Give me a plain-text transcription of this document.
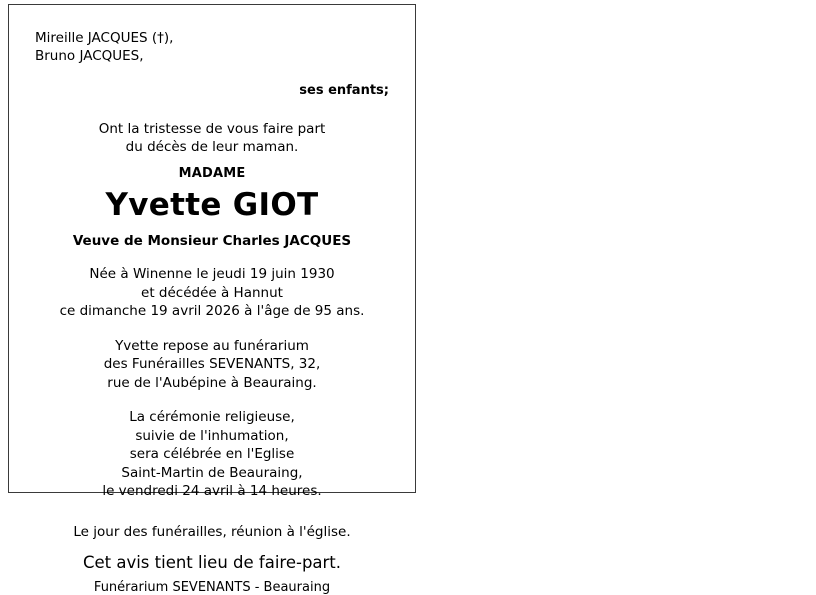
Mireille JACQUES (†),
Bruno JACQUES,
ses enfants;
Ont la tristesse de vous faire part
du décès de leur maman.
MADAME
Yvette GIOT
Veuve de Monsieur Charles JACQUES
Née à Winenne le jeudi 19 juin 1930
et décédée à Hannut
ce dimanche 19 avril 2026 à l'âge de 95 ans.
Yvette repose au funérarium
des Funérailles SEVENANTS, 32,
rue de l'Aubépine à Beauraing.
La cérémonie religieuse,
suivie de l'inhumation,
sera célébrée en l'Eglise
Saint-Martin de Beauraing,
le vendredi 24 avril à 14 heures.
Le jour des funérailles, réunion à l'église.
Cet avis tient lieu de faire-part.
Funérarium SEVENANTS - Beauraing
